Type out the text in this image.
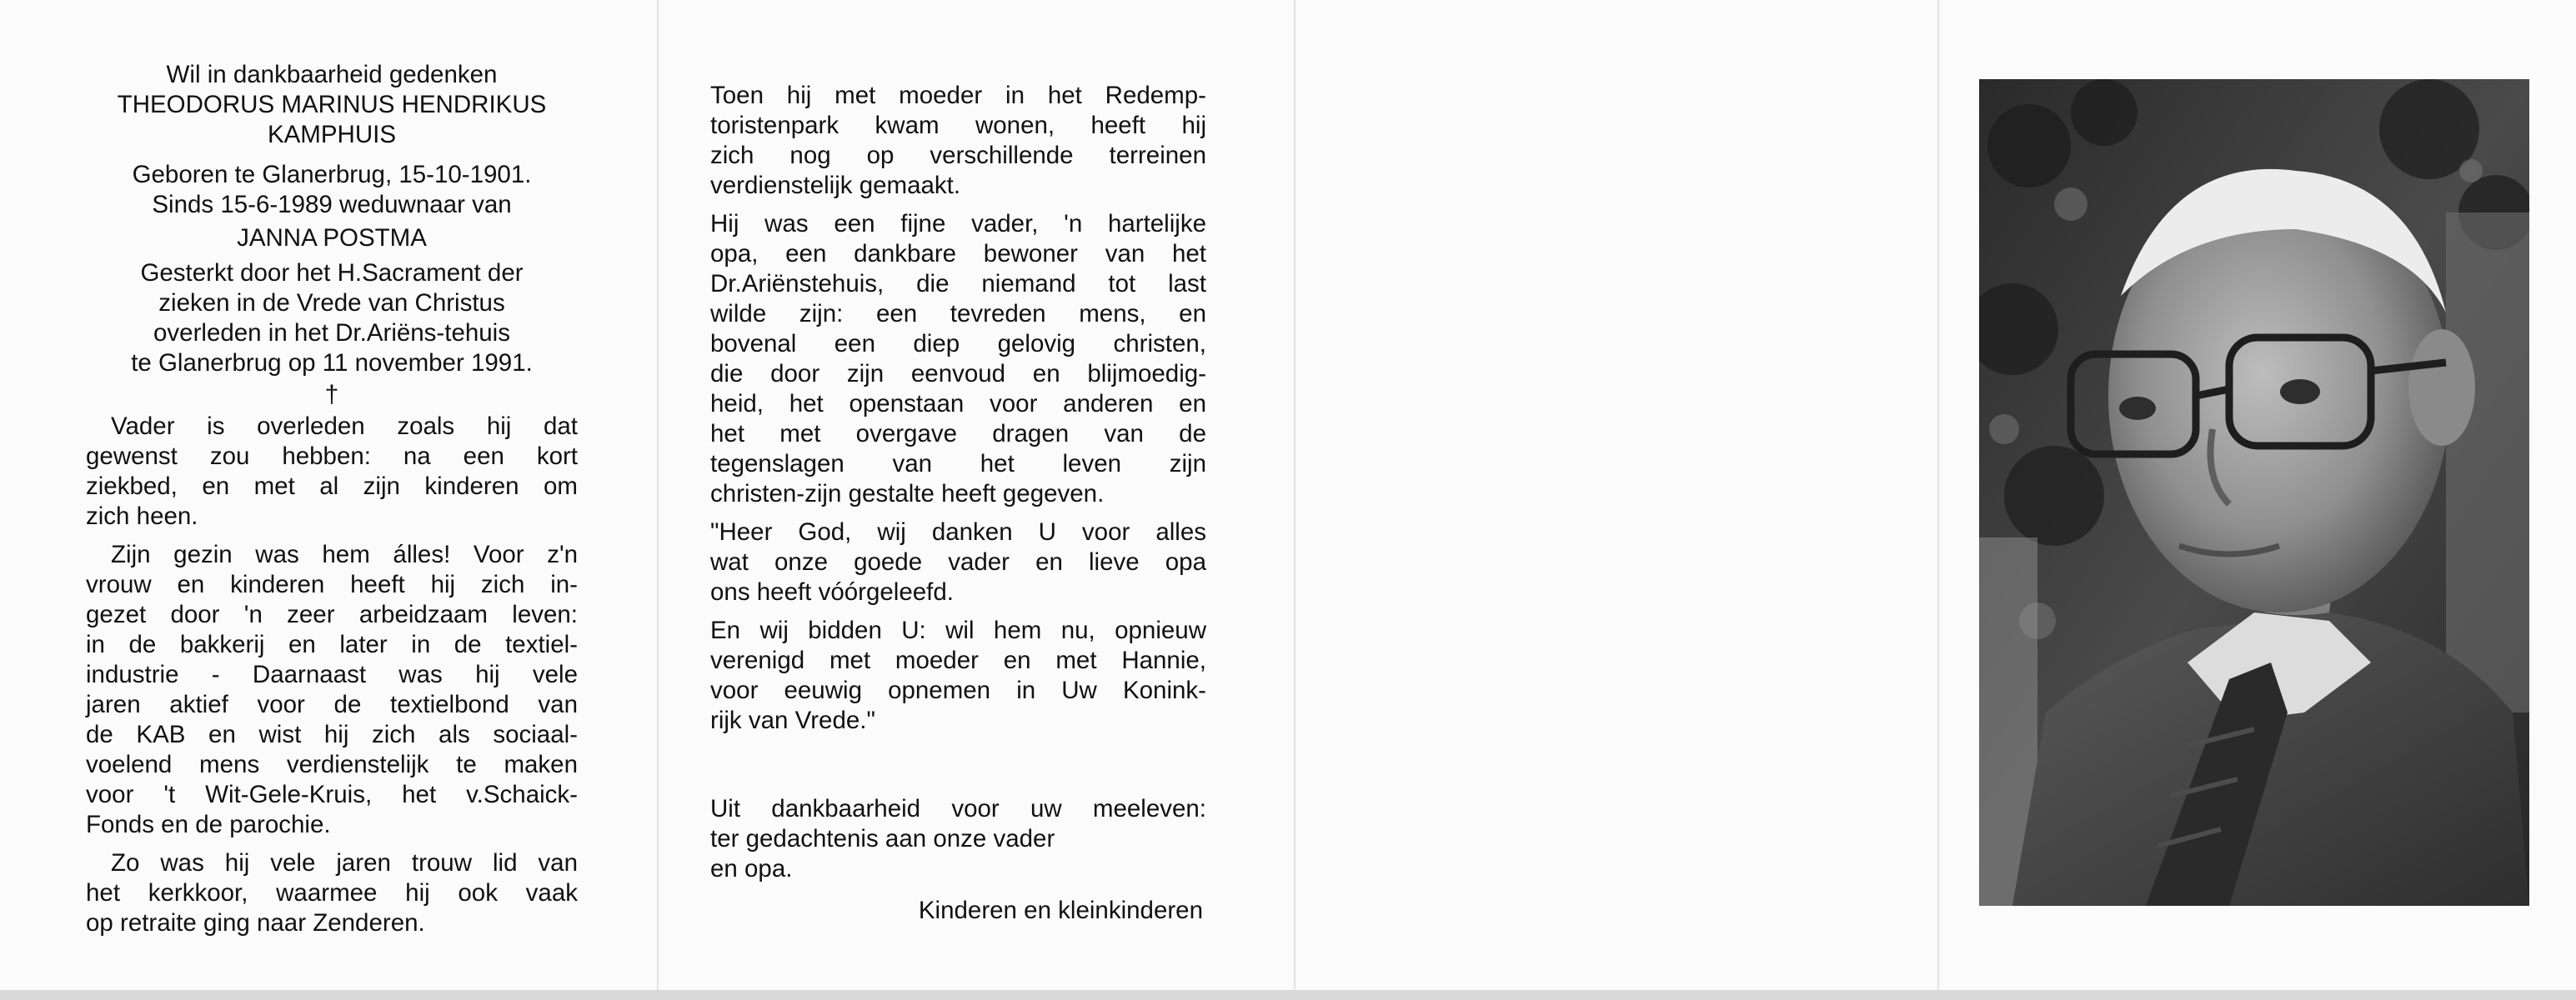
Wil in dankbaarheid gedenken
THEODORUS MARINUS HENDRIKUS
KAMPHUIS
Geboren te Glanerbrug, 15-10-1901.
Sinds 15-6-1989 weduwnaar van
JANNA POSTMA
Gesterkt door het H.Sacrament der
zieken in de Vrede van Christus
overleden in het Dr.Ariëns-tehuis
te Glanerbrug op 11 november 1991.
†

Vader is overleden zoals hij dat

gewenst zou hebben: na een kort

ziekbed, en met al zijn kinderen om

zich heen.

Zijn gezin was hem álles! Voor z'n

vrouw en kinderen heeft hij zich in-

gezet door 'n zeer arbeidzaam leven:

in de bakkerij en later in de textiel-

industrie - Daarnaast was hij vele

jaren aktief voor de textielbond van

de KAB en wist hij zich als sociaal-

voelend mens verdienstelijk te maken

voor 't Wit-Gele-Kruis, het v.Schaick-

Fonds en de parochie.

Zo was hij vele jaren trouw lid van

het kerkkoor, waarmee hij ook vaak

op retraite ging naar Zenderen.

Toen hij met moeder in het Redemp-

toristenpark kwam wonen, heeft hij

zich nog op verschillende terreinen

verdienstelijk gemaakt.

Hij was een fijne vader, 'n hartelijke

opa, een dankbare bewoner van het

Dr.Ariënstehuis, die niemand tot last

wilde zijn: een tevreden mens, en

bovenal een diep gelovig christen,

die door zijn eenvoud en blijmoedig-

heid, het openstaan voor anderen en

het met overgave dragen van de

tegenslagen van het leven zijn

christen-zijn gestalte heeft gegeven.

"Heer God, wij danken U voor alles

wat onze goede vader en lieve opa

ons heeft vóórgeleefd.

En wij bidden U: wil hem nu, opnieuw

verenigd met moeder en met Hannie,

voor eeuwig opnemen in Uw Konink-

rijk van Vrede."

Uit dankbaarheid voor uw meeleven:

ter gedachtenis aan onze vader

en opa.

Kinderen en kleinkinderen
